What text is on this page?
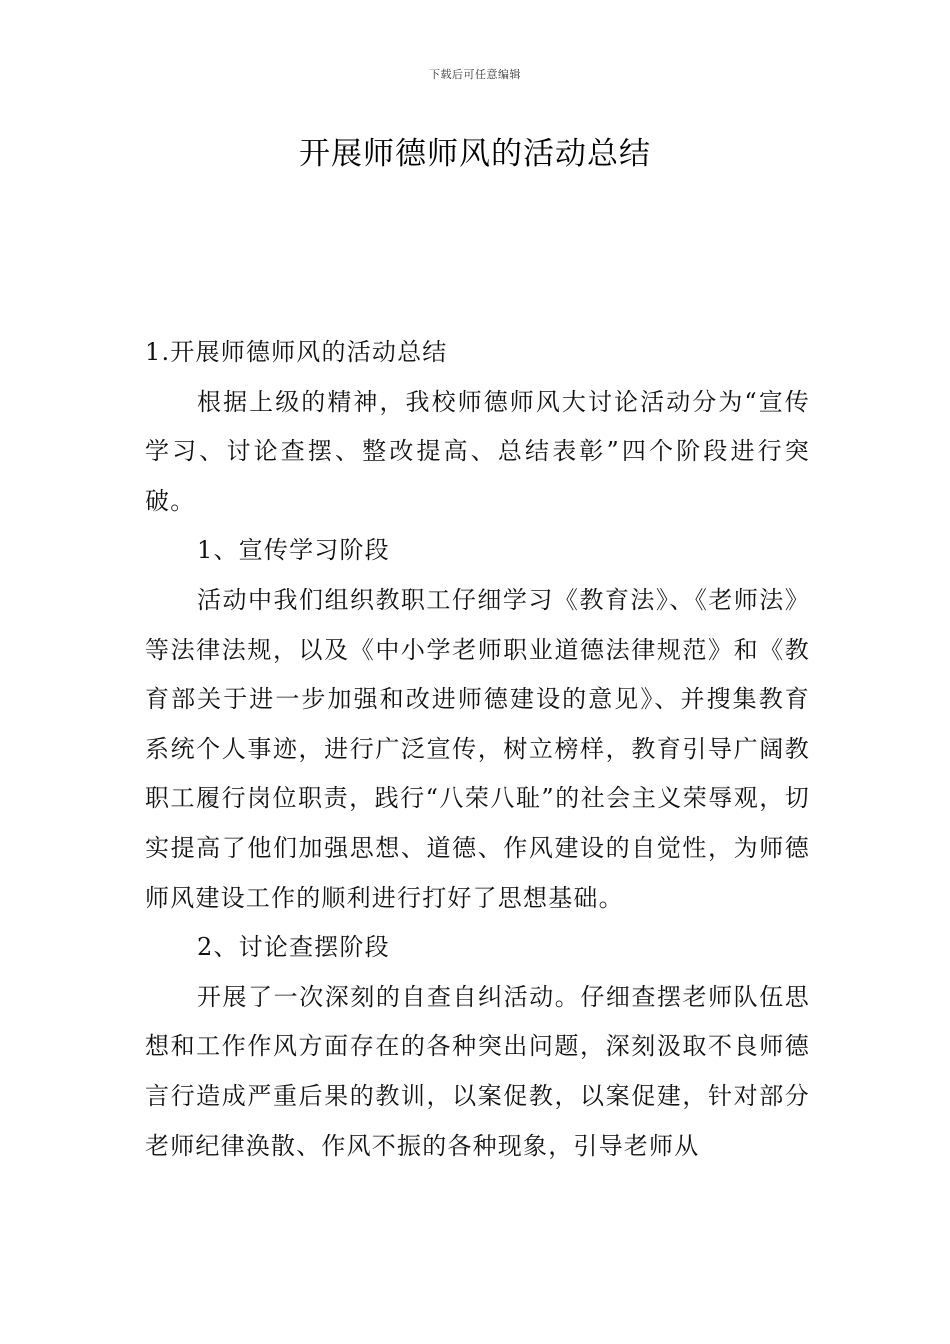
下载后可任意编辑
开展师德师风的活动总结

1.开展师德师风的活动总结

根据上级的精神，我校师德师风大讨论活动分为“宣传学习、讨论查摆、整改提高、总结表彰”四个阶段进行突破。

1、宣传学习阶段

活动中我们组织教职工仔细学习《教育法》、《老师法》等法律法规，以及《中小学老师职业道德法律规范》和《教育部关于进一步加强和改进师德建设的意见》、并搜集教育系统个人事迹，进行广泛宣传，树立榜样，教育引导广阔教职工履行岗位职责，践行“八荣八耻”的社会主义荣辱观，切实提高了他们加强思想、道德、作风建设的自觉性，为师德师风建设工作的顺利进行打好了思想基础。

2、讨论查摆阶段

开展了一次深刻的自查自纠活动。仔细查摆老师队伍思想和工作作风方面存在的各种突出问题，深刻汲取不良师德言行造成严重后果的教训，以案促教，以案促建，针对部分老师纪律涣散、作风不振的各种现象，引导老师从
